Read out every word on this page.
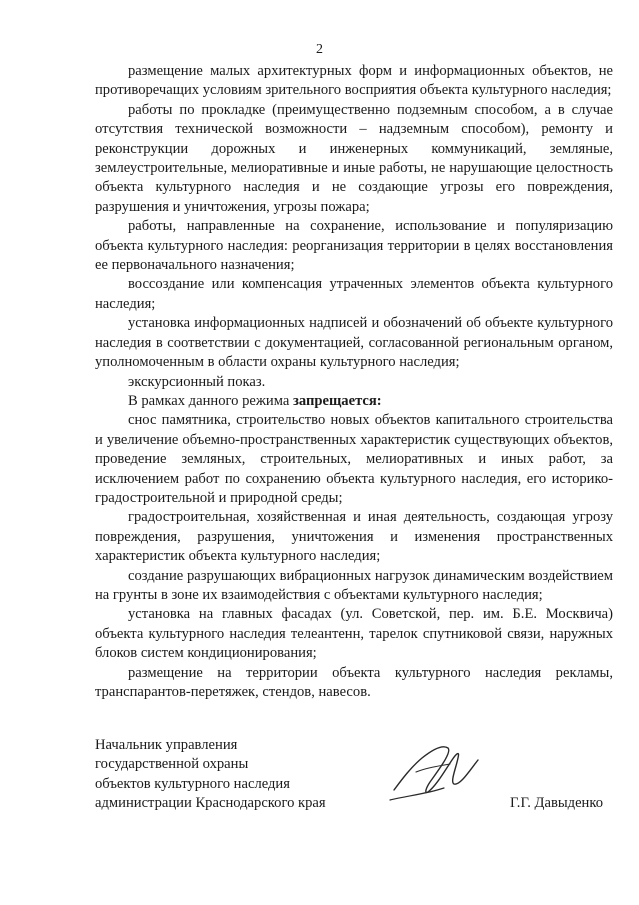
2

размещение малых архитектурных форм и информационных объектов, не противоречащих условиям зрительного восприятия объекта культурного наследия;

работы по прокладке (преимущественно подземным способом, а в случае отсутствия технической возможности – надземным способом), ремонту и реконструкции дорожных и инженерных коммуникаций, земляные, землеустроительные, мелиоративные и иные работы, не нарушающие целостность объекта культурного наследия и не создающие угрозы его повреждения, разрушения и уничтожения, угрозы пожара;

работы, направленные на сохранение, использование и популяризацию объекта культурного наследия: реорганизация территории в целях восстановления ее первоначального назначения;

воссоздание или компенсация утраченных элементов объекта культурного наследия;

установка информационных надписей и обозначений об объекте культурного наследия в соответствии с документацией, согласованной региональным органом, уполномоченным в области охраны культурного наследия;

экскурсионный показ.

В рамках данного режима запрещается:

снос памятника, строительство новых объектов капитального строительства и увеличение объемно-пространственных характеристик существующих объектов, проведение земляных, строительных, мелиоративных и иных работ, за исключением работ по сохранению объекта культурного наследия, его историко-градостроительной и природной среды;

градостроительная, хозяйственная и иная деятельность, создающая угрозу повреждения, разрушения, уничтожения и изменения пространственных характеристик объекта культурного наследия;

создание разрушающих вибрационных нагрузок динамическим воздействием на грунты в зоне их взаимодействия с объектами культурного наследия;

установка на главных фасадах (ул. Советской, пер. им. Б.Е. Москвича) объекта культурного наследия телеантенн, тарелок спутниковой связи, наружных блоков систем кондиционирования;

размещение на территории объекта культурного наследия рекламы, транспарантов-перетяжек, стендов, навесов.

Начальник управления
государственной охраны
объектов культурного наследия
администрации Краснодарского края	Г.Г. Давыденко
